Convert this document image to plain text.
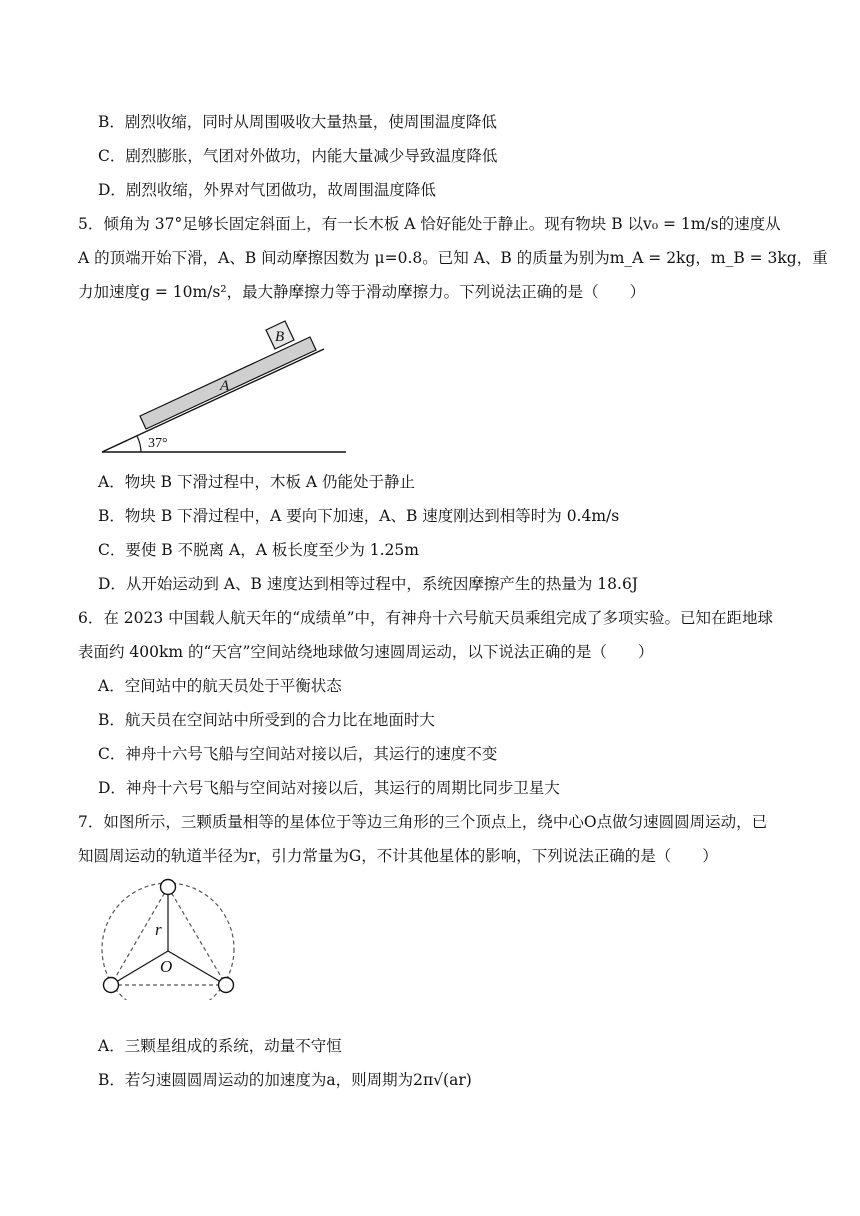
B．剧烈收缩，同时从周围吸收大量热量，使周围温度降低
C．剧烈膨胀，气团对外做功，内能大量减少导致温度降低
D．剧烈收缩，外界对气团做功，故周围温度降低
5．倾角为 37°足够长固定斜面上，有一长木板 A 恰好能处于静止。现有物块 B 以v₀ = 1m/s的速度从
A 的顶端开始下滑，A、B 间动摩擦因数为 μ=0.8。已知 A、B 的质量为别为m_A = 2kg，m_B = 3kg，重
力加速度g = 10m/s²，最大静摩擦力等于滑动摩擦力。下列说法正确的是（　　）
B
A
37°
A．物块 B 下滑过程中，木板 A 仍能处于静止
B．物块 B 下滑过程中，A 要向下加速，A、B 速度刚达到相等时为 0.4m/s
C．要使 B 不脱离 A，A 板长度至少为 1.25m
D．从开始运动到 A、B 速度达到相等过程中，系统因摩擦产生的热量为 18.6J
6．在 2023 中国载人航天年的“成绩单”中，有神舟十六号航天员乘组完成了多项实验。已知在距地球
表面约 400km 的“天宫”空间站绕地球做匀速圆周运动，以下说法正确的是（　　）
A．空间站中的航天员处于平衡状态
B．航天员在空间站中所受到的合力比在地面时大
C．神舟十六号飞船与空间站对接以后，其运行的速度不变
D．神舟十六号飞船与空间站对接以后，其运行的周期比同步卫星大
7．如图所示，三颗质量相等的星体位于等边三角形的三个顶点上，绕中心O点做匀速圆圆周运动，已
知圆周运动的轨道半径为r，引力常量为G，不计其他星体的影响，下列说法正确的是（　　）
r
O
A．三颗星组成的系统，动量不守恒
B．若匀速圆圆周运动的加速度为a，则周期为2π√(ar)
